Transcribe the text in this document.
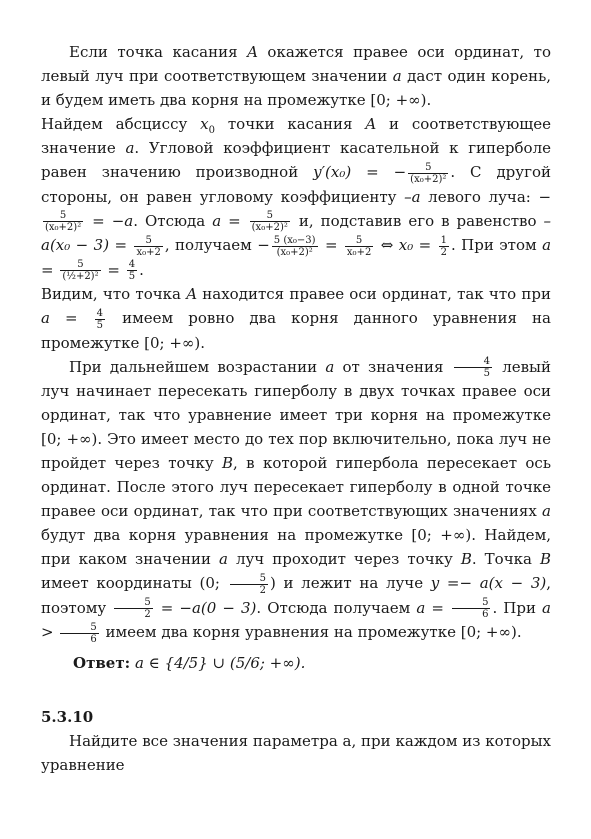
Если точка касания A окажется правее оси ординат, то левый луч при соответствующем значении a даст один корень, и будем иметь два корня на промежутке [0; +∞).

Найдем абсциссу $x_0$ точки касания A и соответствующее значение a. Угловой коэффициент касательной к гиперболе равен значению производной y′(x₀) = − $\frac{5}{\text{(x₀+2)²}}$ . С другой стороны, он равен угловому коэффициенту –a левого луча: −
$\frac{5}{\text{(x₀+2)²}} = -a$. Отсюда $a = \frac{5}{\text{(x₀+2)²}} и$, подставив его в равенство – $a(x_0 - 3) = \frac{5}{\text{x₀+2}}$ , получаем − $\frac{\text{5 (x₀−3)}}{\text{(x₀+2)²}} = \frac{5}{\text{x₀+2}}$ ⇔ $x_0 = \frac{1}{2}$ . При этом $a = \frac{5}{\text{(½+2)²}} = \frac{4}{5}$ .

Видим, что точка A находится правее оси ординат, так что при $a = \frac{4}{5}$ имеем ровно два корня данного уравнения на промежутке [0; +∞).

При дальнейшем возрастании a от значения $\frac{4}{5}$ левый луч начинает пересекать гиперболу в двух точках правее оси ординат, так что уравнение имеет три корня на промежутке [0; +∞). Это имеет место до тех пор включительно, пока луч не пройдет через точку B, в которой гипербола пересекает ось ординат. После этого луч пересекает гиперболу в одной точке правее оси ординат, так что при соответствующих значениях a будут два корня уравнения на промежутке [0; +∞). Найдем, при каком значении a луч проходит через точку B. Точка B имеет координаты (0; $\frac{5}{2}$ ) и лежит на луче y =− a(x − 3), поэтому $\frac{5}{2} = -a(0 - 3)$. Отсюда получаем $a = \frac{5}{6}$ . При $a > \frac{5}{6}$ имеем два корня уравнения на промежутке [0; +∞).

Ответ: a ∈ {4/5} ∪ (5/6; +∞).

5.3.10

Найдите все значения параметра a, при каждом из которых уравнение
